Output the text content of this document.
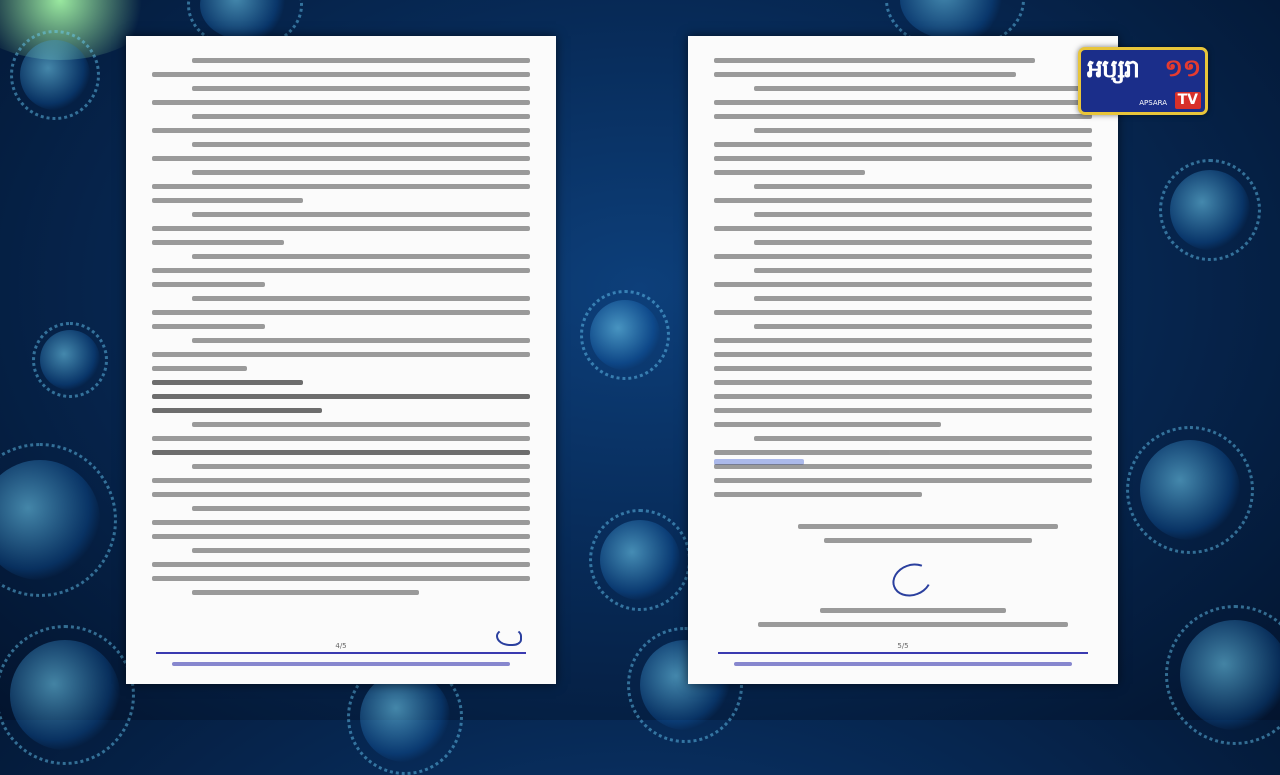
4/5	5/5
អប្សរា ១១
APSARA TV
